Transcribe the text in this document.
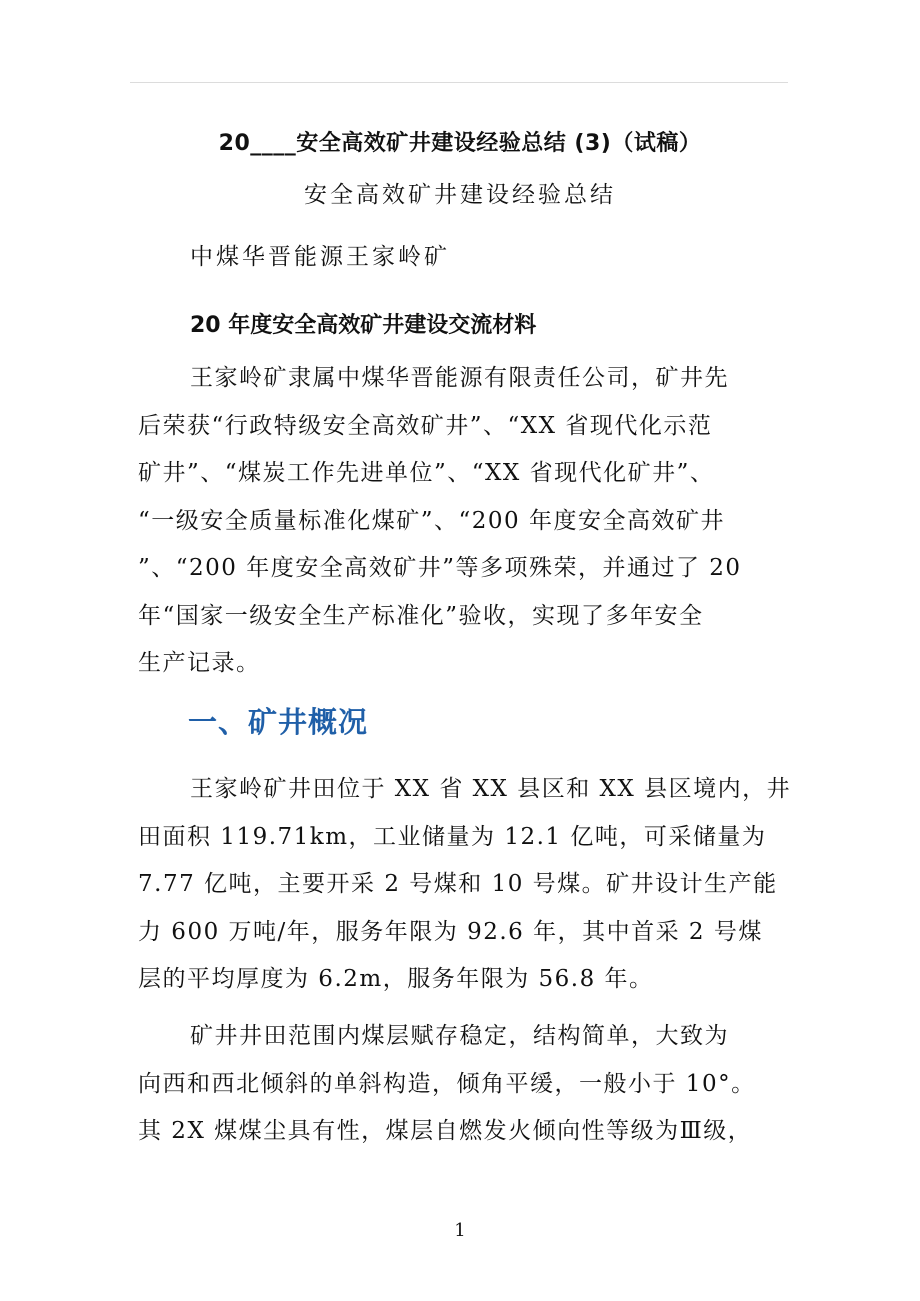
20____安全高效矿井建设经验总结 (3)（试稿）
安全高效矿井建设经验总结
中煤华晋能源王家岭矿
20 年度安全高效矿井建设交流材料
王家岭矿隶属中煤华晋能源有限责任公司，矿井先
后荣获“行政特级安全高效矿井”、“XX 省现代化示范
矿井”、“煤炭工作先进单位”、“XX 省现代化矿井”、
“一级安全质量标准化煤矿”、“200 年度安全高效矿井
”、“200 年度安全高效矿井”等多项殊荣，并通过了 20
年“国家一级安全生产标准化”验收，实现了多年安全
生产记录。
一、矿井概况
王家岭矿井田位于 XX 省 XX 县区和 XX 县区境内，井
田面积 119.71km，工业储量为 12.1 亿吨，可采储量为
7.77 亿吨，主要开采 2 号煤和 10 号煤。矿井设计生产能
力 600 万吨/年，服务年限为 92.6 年，其中首采 2 号煤
层的平均厚度为 6.2m，服务年限为 56.8 年。
矿井井田范围内煤层赋存稳定，结构简单，大致为
向西和西北倾斜的单斜构造，倾角平缓，一般小于 10°。
其 2X 煤煤尘具有性，煤层自燃发火倾向性等级为Ⅲ级，
1
